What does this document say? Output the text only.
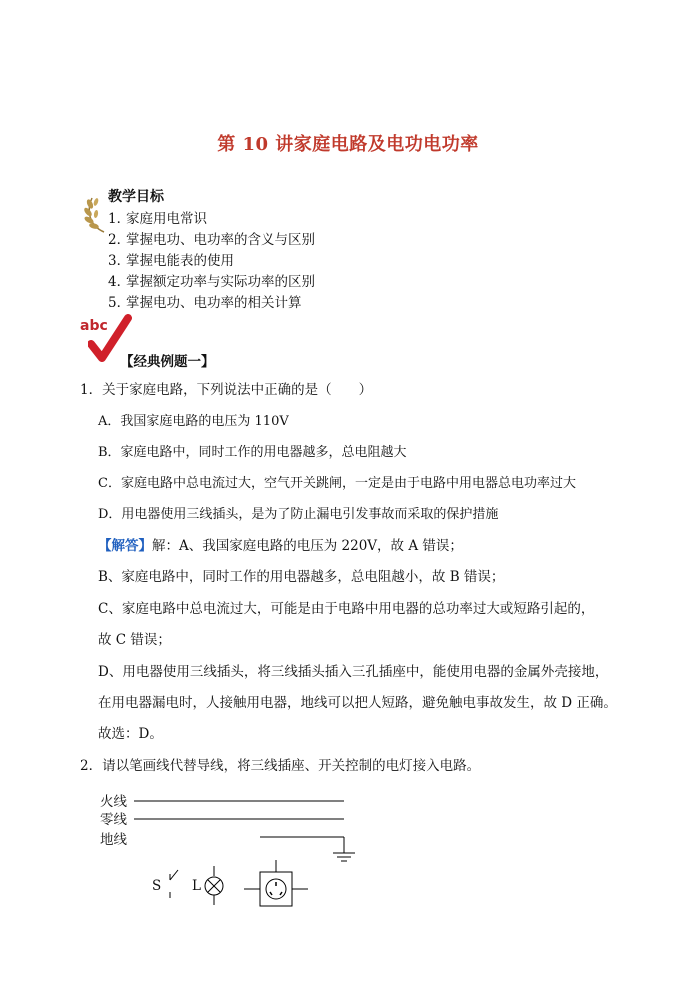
第 10 讲家庭电路及电功电功率
教学目标
1．家庭用电常识
2．掌握电功、电功率的含义与区别
3．掌握电能表的使用
4．掌握额定功率与实际功率的区别
5．掌握电功、电功率的相关计算
abc
【经典例题一】
1．关于家庭电路，下列说法中正确的是（　　）
A．我国家庭电路的电压为 110V
B．家庭电路中，同时工作的用电器越多，总电阻越大
C．家庭电路中总电流过大，空气开关跳闸，一定是由于电路中用电器总电功率过大
D．用电器使用三线插头，是为了防止漏电引发事故而采取的保护措施
【解答】解：A、我国家庭电路的电压为 220V，故 A 错误；
B、家庭电路中，同时工作的用电器越多，总电阻越小，故 B 错误；
C、家庭电路中总电流过大，可能是由于电路中用电器的总功率过大或短路引起的，
故 C 错误；
D、用电器使用三线插头，将三线插头插入三孔插座中，能使用电器的金属外壳接地，
在用电器漏电时，人接触用电器，地线可以把人短路，避免触电事故发生，故 D 正确。
故选：D。
2．请以笔画线代替导线，将三线插座、开关控制的电灯接入电路。
火线
零线
地线
S L
